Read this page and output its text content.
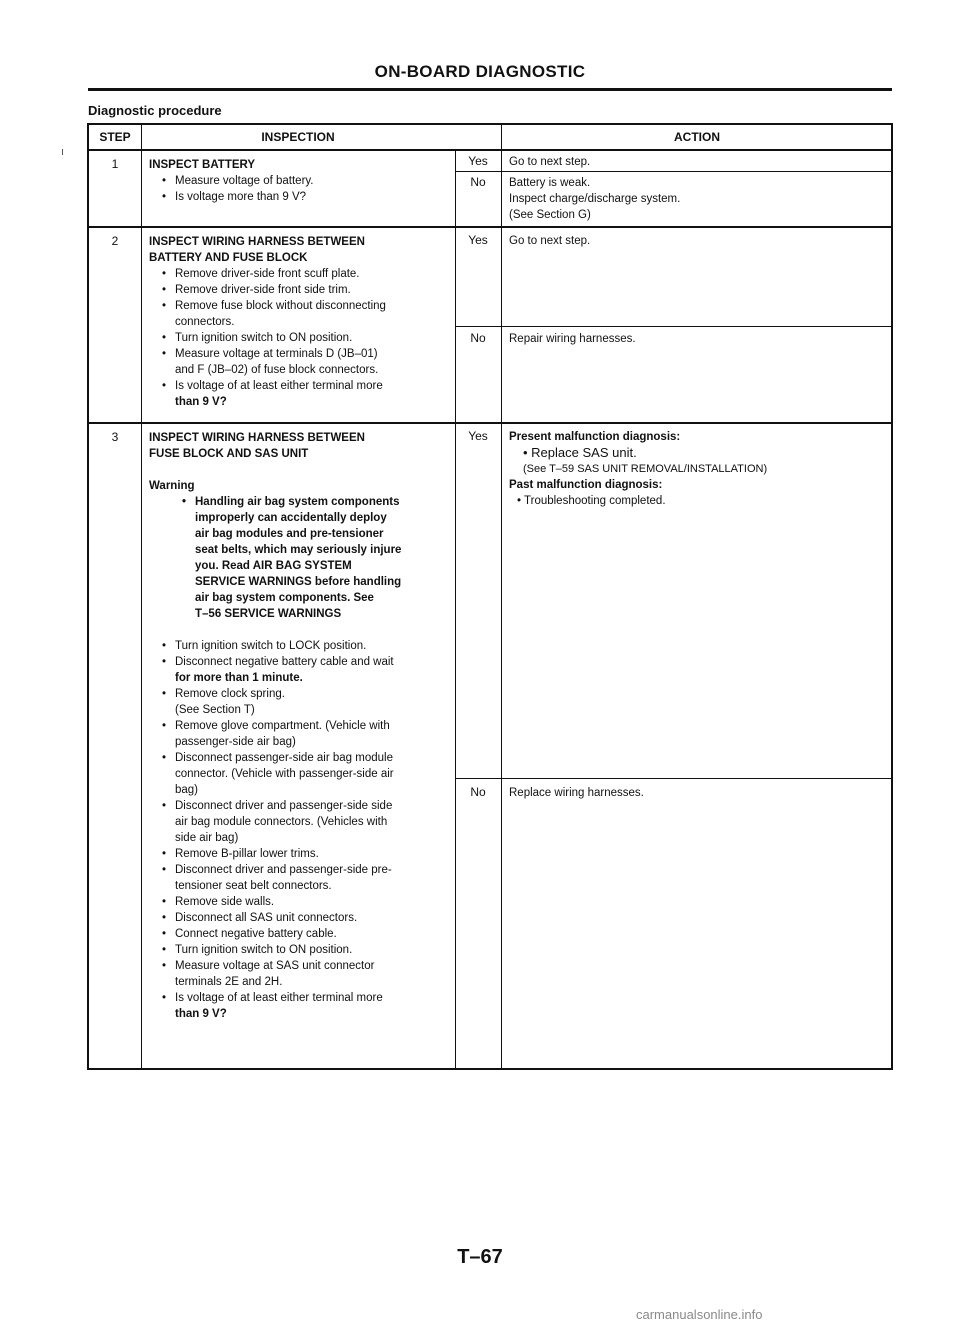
ON-BOARD DIAGNOSTIC
Diagnostic procedure
STEP	INSPECTION	ACTION
1	INSPECT BATTERY
• Measure voltage of battery.
• Is voltage more than 9 V?
Yes	Go to next step.
No	Battery is weak.
Inspect charge/discharge system.
(See Section G)
2	INSPECT WIRING HARNESS BETWEEN
BATTERY AND FUSE BLOCK
• Remove driver-side front scuff plate.
• Remove driver-side front side trim.
• Remove fuse block without disconnecting
connectors.
• Turn ignition switch to ON position.
• Measure voltage at terminals D (JB–01)
and F (JB–02) of fuse block connectors.
• Is voltage of at least either terminal more
than 9 V?
Yes	Go to next step.
No	Repair wiring harnesses.
3	INSPECT WIRING HARNESS BETWEEN
FUSE BLOCK AND SAS UNIT
Warning
• Handling air bag system components
improperly can accidentally deploy
air bag modules and pre-tensioner
seat belts, which may seriously injure
you. Read AIR BAG SYSTEM
SERVICE WARNINGS before handling
air bag system components. See
T–56 SERVICE WARNINGS
• Turn ignition switch to LOCK position.
• Disconnect negative battery cable and wait
for more than 1 minute.
• Remove clock spring.
(See Section T)
• Remove glove compartment. (Vehicle with
passenger-side air bag)
• Disconnect passenger-side air bag module
connector. (Vehicle with passenger-side air
bag)
• Disconnect driver and passenger-side side
air bag module connectors. (Vehicles with
side air bag)
• Remove B-pillar lower trims.
• Disconnect driver and passenger-side pre-
tensioner seat belt connectors.
• Remove side walls.
• Disconnect all SAS unit connectors.
• Connect negative battery cable.
• Turn ignition switch to ON position.
• Measure voltage at SAS unit connector
terminals 2E and 2H.
• Is voltage of at least either terminal more
than 9 V?
Yes	Present malfunction diagnosis:
• Replace SAS unit.
(See T–59 SAS UNIT REMOVAL/INSTALLATION)
Past malfunction diagnosis:
• Troubleshooting completed.
No	Replace wiring harnesses.
T–67
carmanualsonline.info
